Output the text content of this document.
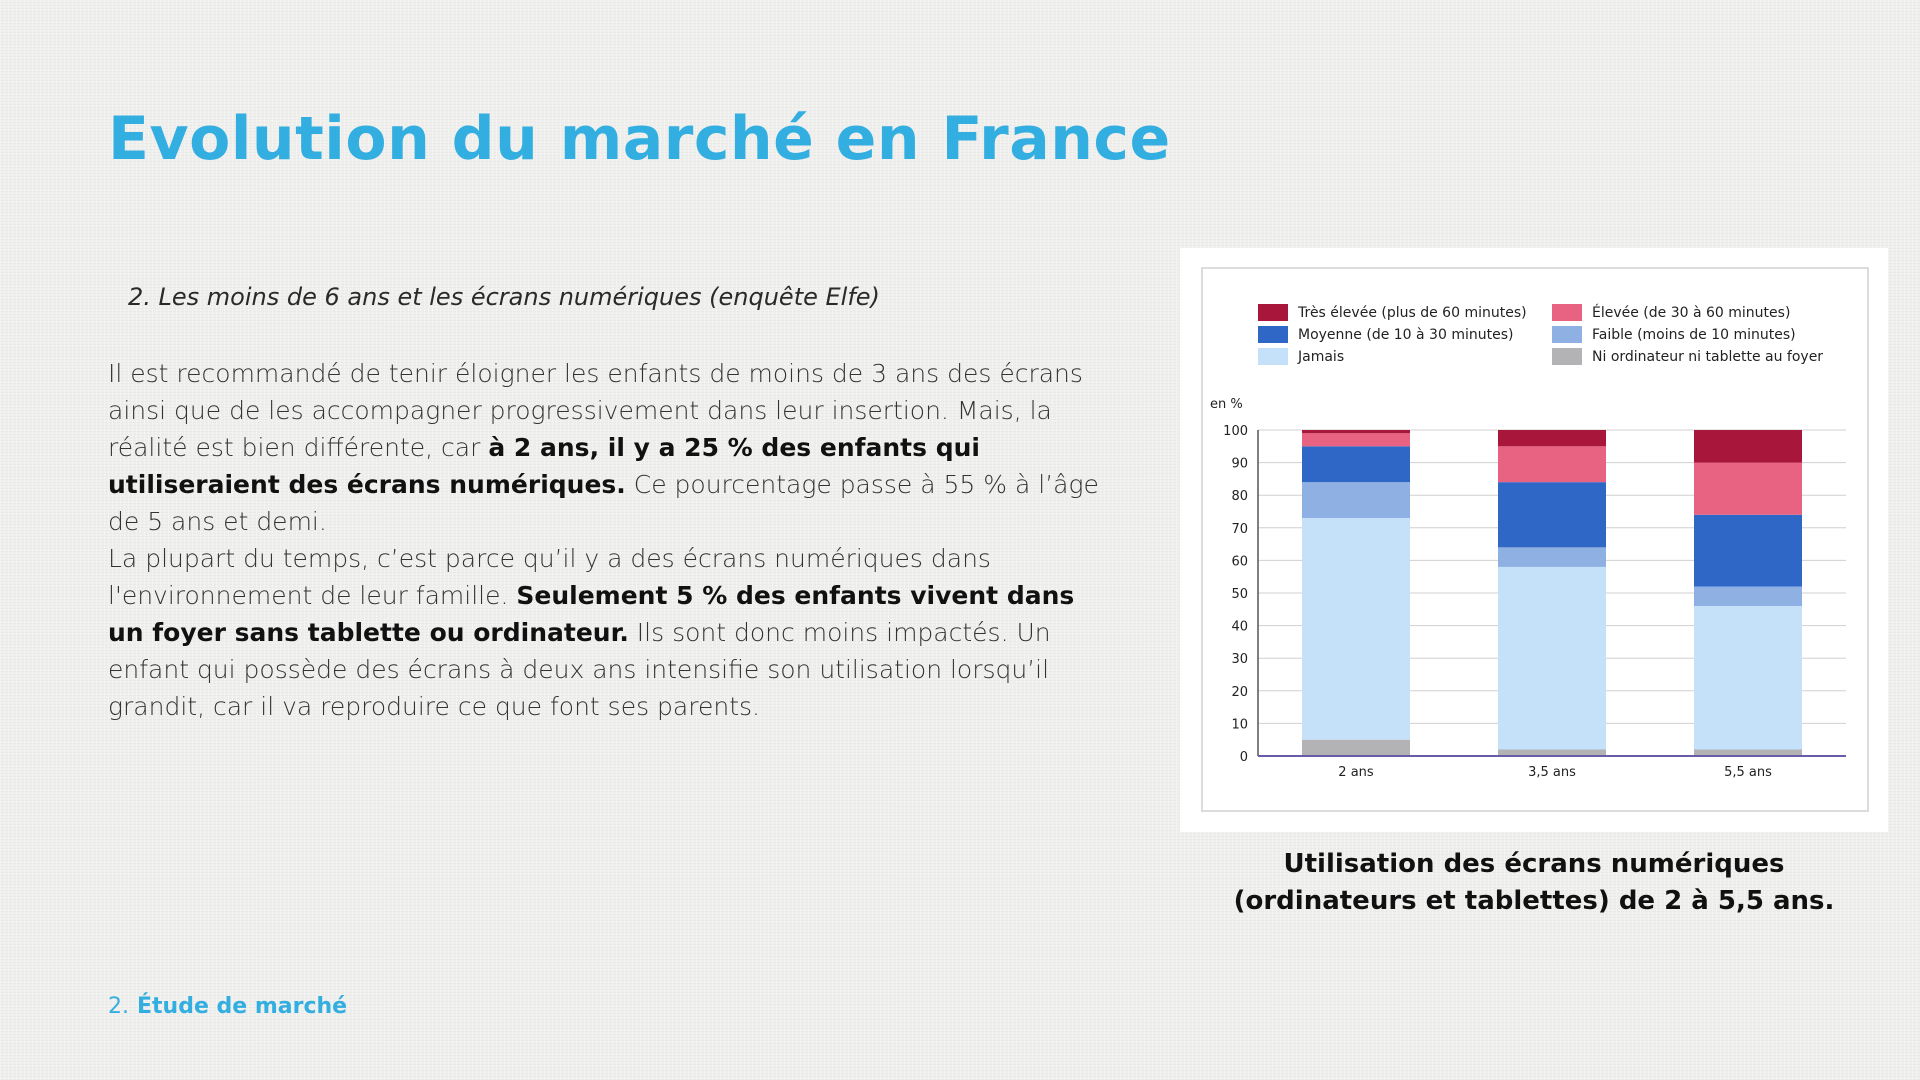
Evolution du marché en France

2. Les moins de 6 ans et les écrans numériques (enquête Elfe)

Il est recommandé de tenir éloigner les enfants de moins de 3 ans des écrans ainsi que de les accompagner progressivement dans leur insertion. Mais, la réalité est bien différente, car à 2 ans, il y a 25 % des enfants qui utiliseraient des écrans numériques. Ce pourcentage passe à 55 % à l’âge de 5 ans et demi.

La plupart du temps, c’est parce qu’il y a des écrans numériques dans l'environnement de leur famille. Seulement 5 % des enfants vivent dans un foyer sans tablette ou ordinateur. Ils sont donc moins impactés. Un enfant qui possède des écrans à deux ans intensifie son utilisation lorsqu’il grandit, car il va reproduire ce que font ses parents.

Très élevée (plus de 60 minutes)	Élevée (de 30 à 60 minutes)
Moyenne (de 10 à 30 minutes)	Faible (moins de 10 minutes)
Jamais	Ni ordinateur ni tablette au foyer
en %
0
10
20
30
40
50
60
70
80
90
100
2 ans	3,5 ans	5,5 ans

Utilisation des écrans numériques
(ordinateurs et tablettes) de 2 à 5,5 ans.

2. Étude de marché
